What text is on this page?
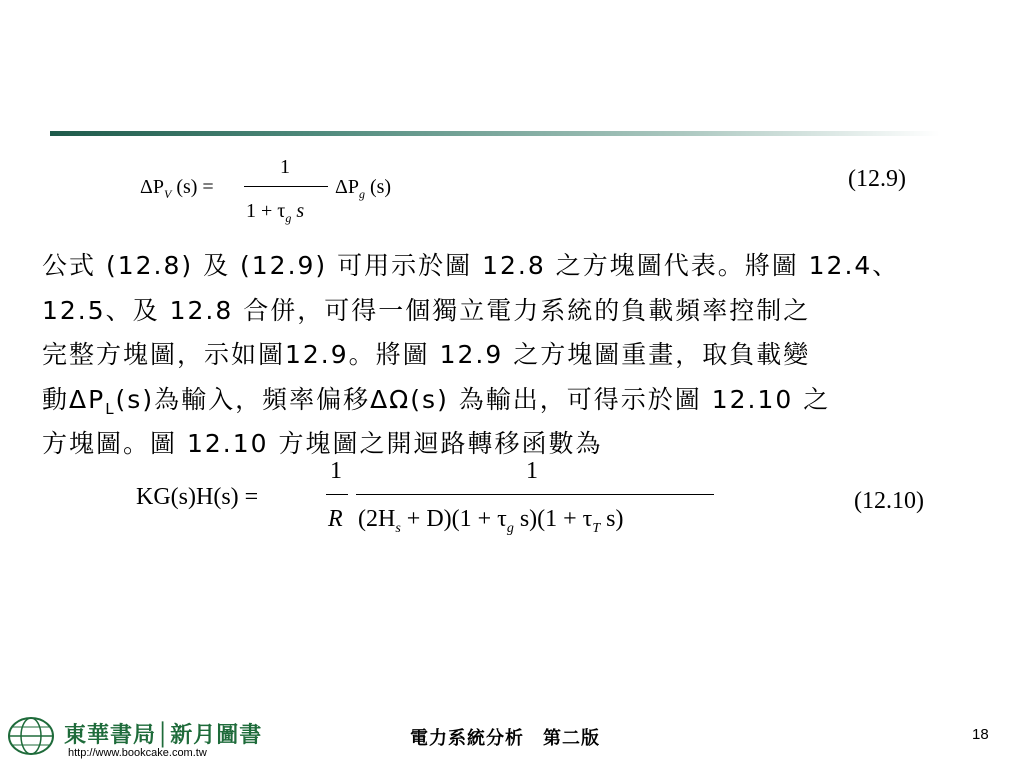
$\Delta P_V$ (s) =
1
$1 + \tau_g$ s
$\Delta P_g$ (s)	(12.9)
公式 (12.8) 及 (12.9) 可用示於圖 12.8 之方塊圖代表。將圖 12.4、
12.5、及 12.8 合併，可得一個獨立電力系統的負載頻率控制之
完整方塊圖，示如圖12.9。將圖 12.9 之方塊圖重畫，取負載變
動$\Delta P_L(s)$為輸入，頻率偏移ΔΩ(s) 為輸出，可得示於圖 12.10 之
方塊圖。圖 12.10 方塊圖之開迴路轉移函數為
KG(s)H(s) =
1
R
1
$(2H_s + D)(1 + \tau_g$ $s)(1 + \tau_T$ s)
(12.10)
東華書局│新月圖書
http://www.bookcake.com.tw
電力系統分析　第二版	18
